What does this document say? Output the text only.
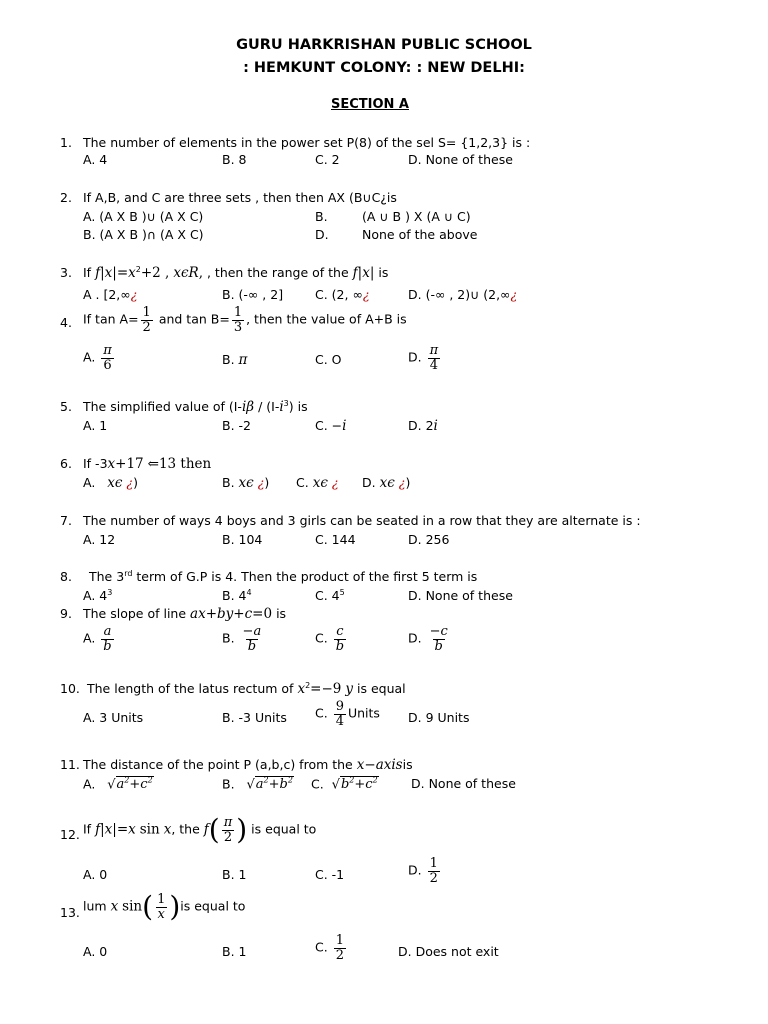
GURU HARKRISHAN PUBLIC SCHOOL
: HEMKUNT COLONY: : NEW DELHI:
SECTION A
1. The number of elements in the power set P(8) of the sel S= {1,2,3} is :
A. 4	B. 8	C. 2	D. None of these
2. If A,B, and C are three sets , then then AX (B∪C¿is
A. (A X B )∪ (A X C)	B.	(A ∪ B ) X (A ∪ C)
B. (A X B )∩ (A X C)	D.	None of the above
3. If $f|x|=x^2+2$ , xєR, , then the range of the f|x| is
A . [2,∞¿	B. (-∞ , 2]	C. (2, ∞¿	D. (-∞ , 2)∪ (2,∞¿
4. If $\tan A= \frac{1}{2}$ and $\tan B= \frac{1}{3}$ , then the value of A+B is
A. $\frac{\pi}{6}$	B. π	C. O	D. $\frac{\pi}{4}$
5. The simplified value of ($I-i\beta / (I-i^3)$ is
A. 1	B. -2	C. −i	D. 2i
6. If -3x+17 ⇐13 then
A. xє ¿)	B. xє ¿) C. xє ¿ D. xє ¿)
7. The number of ways 4 boys and 3 girls can be seated in a row that they are alternate is :
A. 12	B. 104	C. 144	D. 256
8. The 3rd term of G.P is 4. Then the product of the first 5 term is
A. $4^3$	B. $4^4$	C. $4^5$	D. None of these
9. The slope of line ax+by+c=0 is
A. $\frac{a}{b}$	B. $\frac{-a}{b}$	C. $\frac{c}{b}$	D. $\frac{-c}{b}$
10. The length of the latus rectum of $x^2=-9$ y is equal
A. 3 Units	B. -3 Units C. $\frac{9}{4}$ Units D. 9 Units
11. The distance of the point P (a,b,c) from the x−axisis
A. $√a^2+c^2$	B. $√a^2+b^2$ C. $√b^2+c^2$	D. None of these
12. If f|x|=x sin x, the $f( \frac{\pi}{2}$ ) is equal to
A. 0	B. 1	C. -1	D. $\frac{1}{2}$
13. lum x $\sin( \frac{1}{x} )is$ equal to
A. 0	B. 1	C. $\frac{1}{2}$	D. Does not exit
